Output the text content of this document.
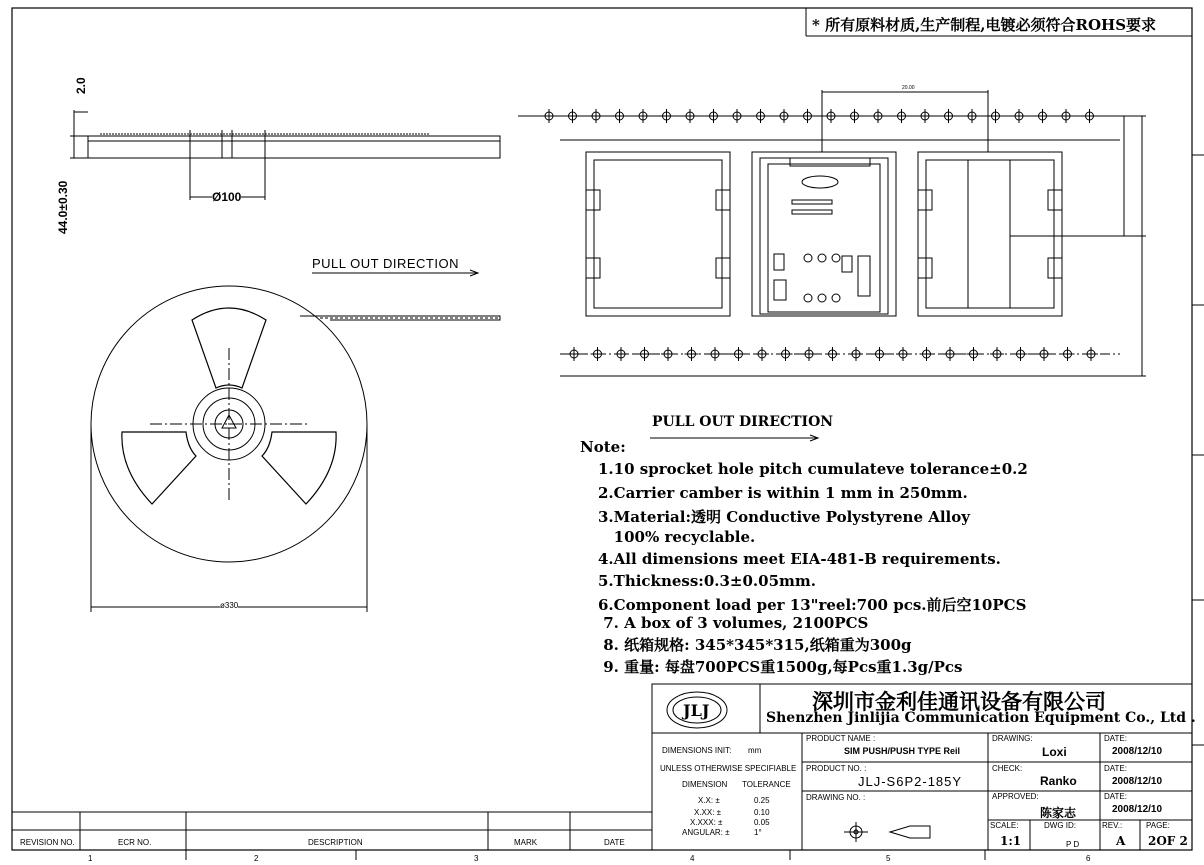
JLJ
20.00
* 所有原料材质,生产制程,电镀必须符合ROHS要求
2.0
44.0±0.30	Ø100
ø330
PULL OUT DIRECTION
PULL OUT DIRECTION
Note:
1.10 sprocket hole pitch cumulateve tolerance±0.2
2.Carrier camber is within 1 mm in 250mm.
3.Material:透明 Conductive Polystyrene Alloy
100% recyclable.
4.All dimensions meet EIA-481-B requirements.
5.Thickness:0.3±0.05mm.
6.Component load per 13"reel:700 pcs.前后空10PCS
7. A box of 3 volumes, 2100PCS
8. 纸箱规格: 345*345*315,纸箱重为300g
9. 重量: 每盘700PCS重1500g,每Pcs重1.3g/Pcs
深圳市金利佳通讯设备有限公司
Shenzhen Jinlijia Communication Equipment Co., Ltd .
DIMENSIONS INIT: mm
UNLESS OTHERWISE SPECIFIABLE
DIMENSION TOLERANCE
X.X: ±	0.25
X.XX: ±	0.10
X.XXX: ±	0.05
ANGULAR: ±	1°
PRODUCT NAME :
SIM PUSH/PUSH TYPE Reil
PRODUCT NO. :
JLJ-S6P2-185Y
DRAWING NO. :
DRAWING:
Loxi
CHECK:
Ranko
APPROVED:
陈家志
DATE:
2008/12/10
DATE:
2008/12/10
DATE:
2008/12/10
SCALE:
1:1
DWG ID:
P D
REV.:
A
PAGE:
2OF 2
REVISION NO.	ECR NO.	DESCRIPTION	MARK	DATE
1	2	3	4	5	6
